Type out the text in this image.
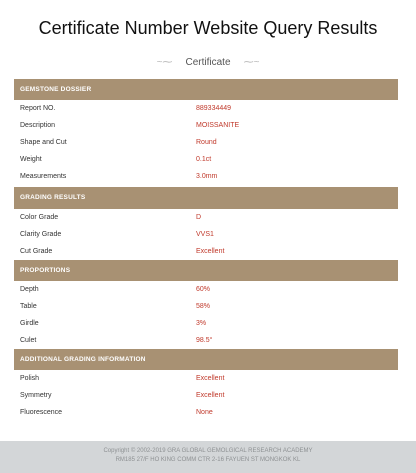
Certificate Number Website Query Results
~⁓	Certificate	⁓~
GEMSTONE DOSSIER
Report NO.	889334449
Description	MOISSANITE
Shape and Cut	Round
Weight	0.1ct
Measurements	3.0mm
GRADING RESULTS
Color Grade	D
Clarity Grade	VVS1
Cut Grade	Excellent
PROPORTIONS
Depth	60%
Table	58%
Girdle	3%
Culet	98.5°
ADDITIONAL GRADING INFORMATION
Polish	Excellent
Symmetry	Excellent
Fluorescence	None
Copyright © 2002-2019 GRA GLOBAL GEMOLGICAL RESEARCH ACADEMY
RM185 27/F HO KING COMM CTR 2-16 FAYUEN ST MONGKOK KL
